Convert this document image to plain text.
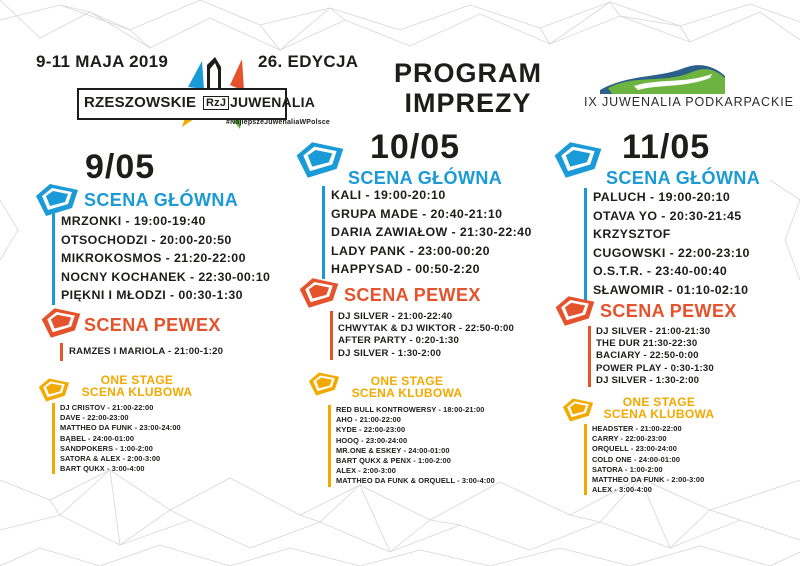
9-11 MAJA 2019	26. EDYCJA
RZESZOWSKIE RzJ JUWENALIA
#NajlepszeJuwenaliaWPolsce
PROGRAM
IMPREZY	IX JUWENALIA PODKARPACKIE
9/05
SCENA GŁÓWNA
MRZONKI - 19:00-19:40
OTSOCHODZI - 20:00-20:50
MIKROKOSMOS - 21:20-22:00
NOCNY KOCHANEK - 22:30-00:10
PIĘKNI I MŁODZI - 00:30-1:30
SCENA PEWEX
RAMZES I MARIOLA - 21:00-1:20
ONE STAGE
SCENA KLUBOWA
DJ CRISTOV - 21:00-22:00
DAVE - 22:00-23:00
MATTHEO DA FUNK - 23:00-24:00
BĄBEL - 24:00-01:00
SANDPOKERS - 1:00-2:00
SATORA & ALEX - 2:00-3:00
BART QUKX - 3:00-4:00
10/05
SCENA GŁÓWNA
KALI - 19:00-20:10
GRUPA MADE - 20:40-21:10
DARIA ZAWIAŁOW - 21:30-22:40
LADY PANK - 23:00-00:20
HAPPYSAD - 00:50-2:20
SCENA PEWEX
DJ SILVER - 21:00-22:40
CHWYTAK & DJ WIKTOR - 22:50-0:00
AFTER PARTY - 0:20-1:30
DJ SILVER - 1:30-2:00
ONE STAGE
SCENA KLUBOWA
RED BULL KONTROWERSY - 18:00-21:00
AHO - 21:00-22:00
KYDE - 22:00-23:00
HOOQ - 23:00-24:00
MR.ONE & ESKEY - 24:00-01:00
BART QUKX & PENX - 1:00-2:00
ALEX - 2:00-3:00
MATTHEO DA FUNK & ORQUELL - 3:00-4:00
11/05
SCENA GŁÓWNA
PALUCH - 19:00-20:10
OTAVA YO - 20:30-21:45
KRZYSZTOF
CUGOWSKI - 22:00-23:10
O.S.T.R. - 23:40-00:40
SŁAWOMIR - 01:10-02:10
SCENA PEWEX
DJ SILVER - 21:00-21:30
THE DUR 21:30-22:30
BACIARY - 22:50-0:00
POWER PLAY - 0:30-1:30
DJ SILVER - 1:30-2:00
ONE STAGE
SCENA KLUBOWA
HEADSTER - 21:00-22:00
CARRY - 22:00-23:00
ORQUELL - 23:00-24:00
COLD ONE - 24:00-01:00
SATORA - 1:00-2:00
MATTHEO DA FUNK - 2:00-3:00
ALEX - 3:00-4:00
